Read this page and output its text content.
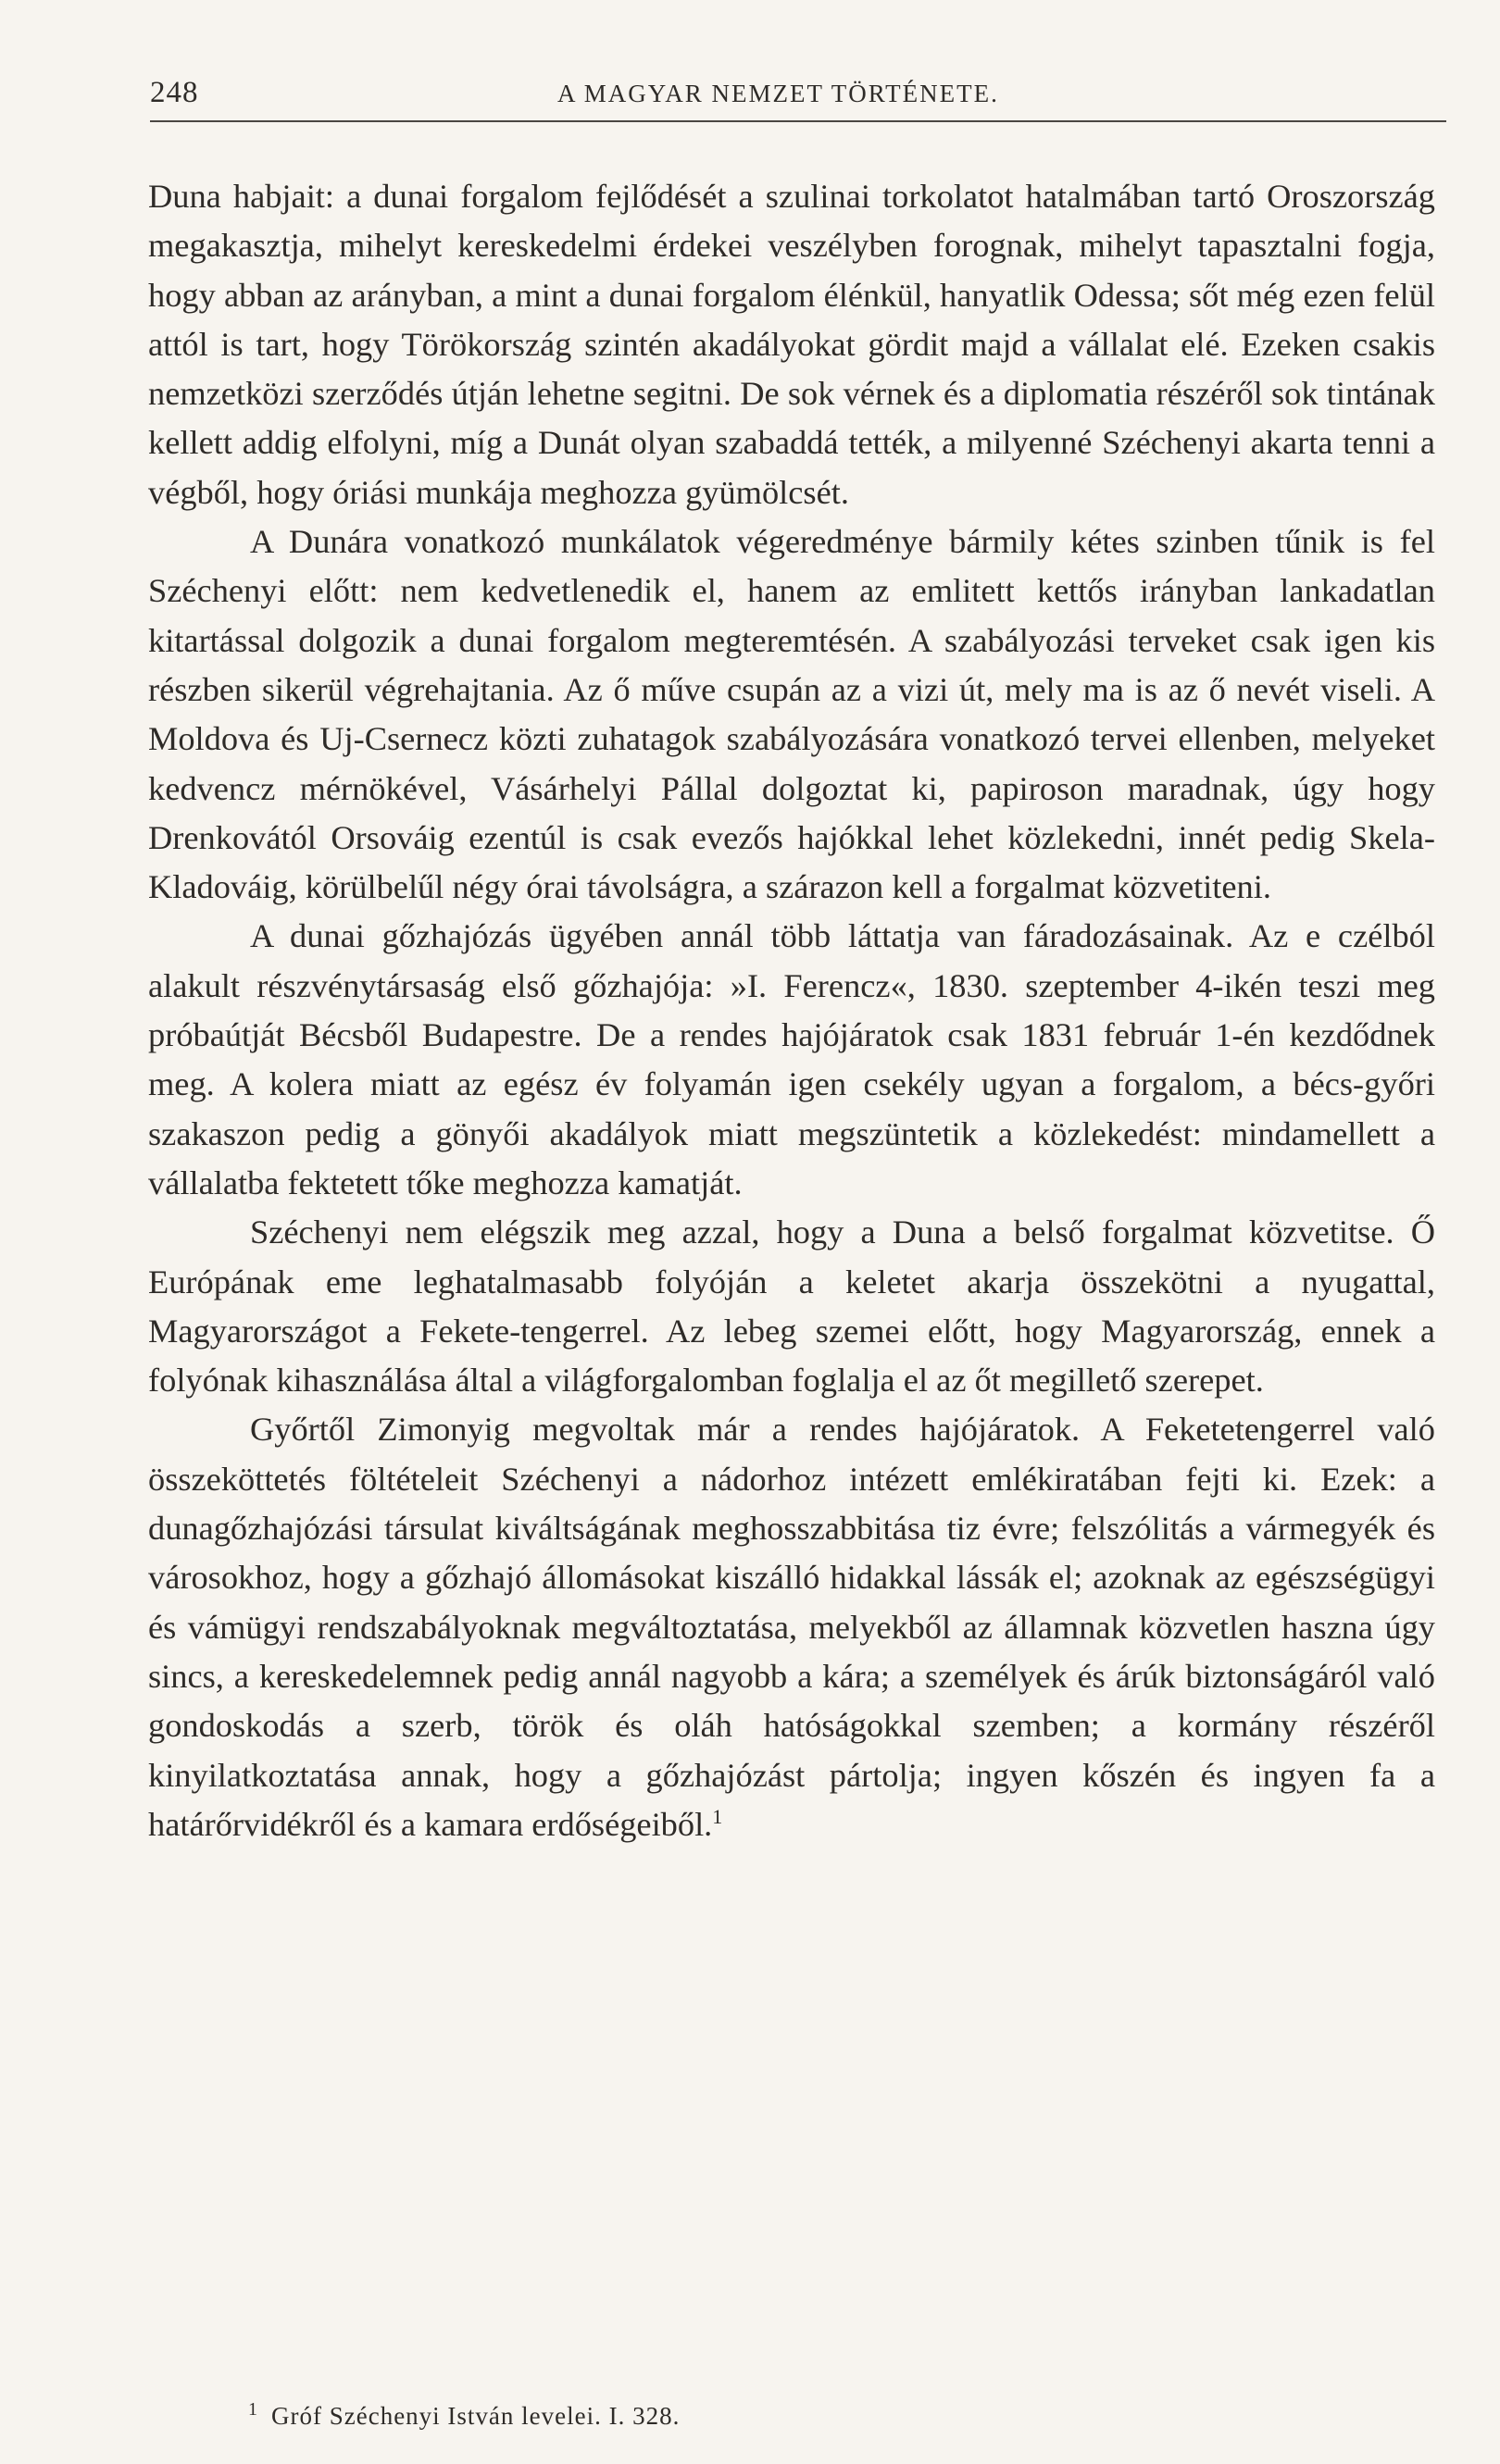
248	A MAGYAR NEMZET TÖRTÉNETE.

Duna habjait: a dunai forgalom fejlődését a szulinai torkolatot hatalmában tartó Oroszország megakasztja, mihelyt kereskedelmi érdekei veszélyben forognak, mihelyt tapasztalni fogja, hogy abban az arányban, a mint a dunai forgalom élénkül, hanyatlik Odessa; sőt még ezen felül attól is tart, hogy Törökország szintén akadályokat gördit majd a vállalat elé. Ezeken csakis nemzetközi szerződés útján lehetne segitni. De sok vérnek és a diplomatia részéről sok tintának kellett addig elfolyni, míg a Dunát olyan szabaddá tették, a milyenné Széchenyi akarta tenni a végből, hogy óriási munkája meghozza gyümölcsét.

A Dunára vonatkozó munkálatok végeredménye bármily kétes szinben tűnik is fel Széchenyi előtt: nem kedvetlenedik el, hanem az emlitett kettős irányban lankadatlan kitartással dolgozik a dunai forgalom megteremtésén. A szabályozási terveket csak igen kis részben sikerül végrehajtania. Az ő műve csupán az a vizi út, mely ma is az ő nevét viseli. A Moldova és Uj-Csernecz közti zuhatagok szabályozására vonatkozó tervei ellenben, melyeket kedvencz mérnökével, Vásárhelyi Pállal dolgoztat ki, papiroson maradnak, úgy hogy Drenkovától Orsováig ezentúl is csak evezős hajókkal lehet közlekedni, innét pedig Skela-Kladováig, körülbelűl négy órai távolságra, a szárazon kell a forgalmat közvetiteni.

A dunai gőzhajózás ügyében annál több láttatja van fáradozásainak. Az e czélból alakult részvénytársaság első gőzhajója: »I. Ferencz«, 1830. szeptember 4-ikén teszi meg próbaútját Bécsből Budapestre. De a rendes hajójáratok csak 1831 február 1-én kezdődnek meg. A kolera miatt az egész év folyamán igen csekély ugyan a forgalom, a bécs-győri szakaszon pedig a gönyői akadályok miatt megszüntetik a közlekedést: mindamellett a vállalatba fektetett tőke meghozza kamatját.

Széchenyi nem elégszik meg azzal, hogy a Duna a belső forgalmat közvetitse. Ő Európának eme leghatalmasabb folyóján a keletet akarja összekötni a nyugattal, Magyarországot a Fekete-tengerrel. Az lebeg szemei előtt, hogy Magyarország, ennek a folyónak kihasználása által a világforgalomban foglalja el az őt megillető szerepet.

Győrtől Zimonyig megvoltak már a rendes hajójáratok. A Feketetengerrel való összeköttetés föltételeit Széchenyi a nádorhoz intézett emlékiratában fejti ki. Ezek: a dunagőzhajózási társulat kiváltságának meghosszabbitása tiz évre; felszólitás a vármegyék és városokhoz, hogy a gőzhajó állomásokat kiszálló hidakkal lássák el; azoknak az egészségügyi és vámügyi rendszabályoknak megváltoztatása, melyekből az államnak közvetlen haszna úgy sincs, a kereskedelemnek pedig annál nagyobb a kára; a személyek és árúk biztonságáról való gondoskodás a szerb, török és oláh hatóságokkal szemben; a kormány részéről kinyilatkoztatása annak, hogy a gőzhajózást pártolja; ingyen kőszén és ingyen fa a határőrvidékről és a kamara erdőségeiből.$^1$

$^1$ Gróf Széchenyi István levelei. I. 328.
